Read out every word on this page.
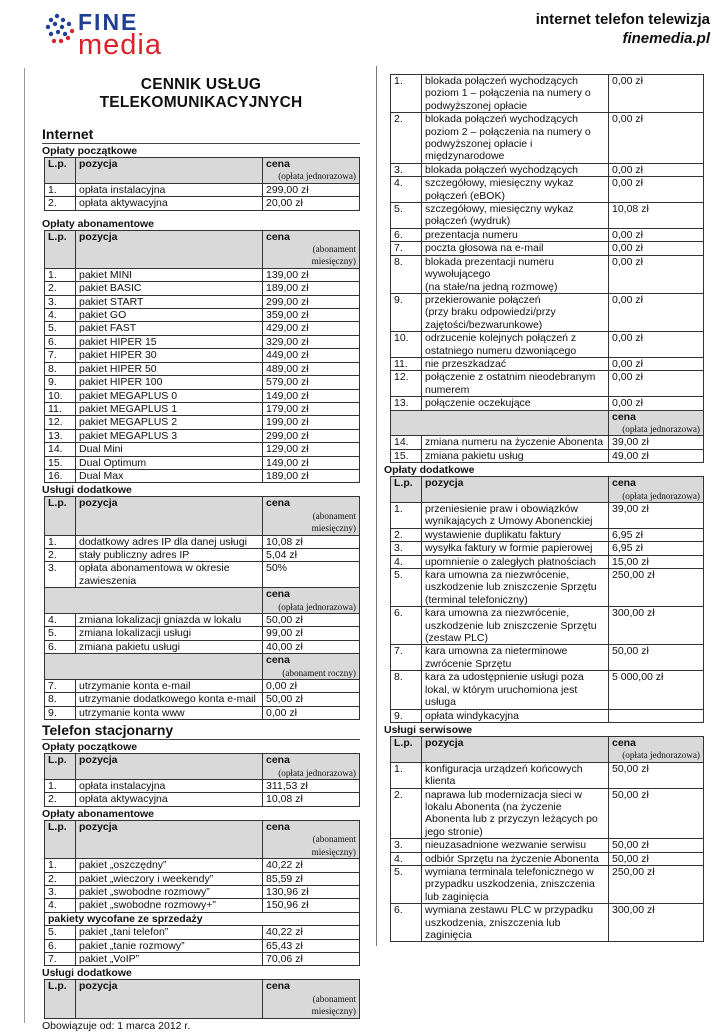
FINE
media
internet telefon telewizja
finemedia.pl
CENNIK USŁUG TELEKOMUNIKACYJNYCH
Internet
Opłaty początkowe
L.p.	pozycja	cena
(opłata jednorazowa)

1.	opłata instalacyjna	299,00 zł
2.	opłata aktywacyjna	20,00 zł
Opłaty abonamentowe
L.p.	pozycja	cena
(abonament miesięczny)

1.	pakiet MINI	139,00 zł
2.	pakiet BASIC	189,00 zł
3.	pakiet START	299,00 zł
4.	pakiet GO	359,00 zł
5.	pakiet FAST	429,00 zł
6.	pakiet HIPER 15	329,00 zł
7.	pakiet HIPER 30	449,00 zł
8.	pakiet HIPER 50	489,00 zł
9.	pakiet HIPER 100	579,00 zł
10.	pakiet MEGAPLUS 0	149,00 zł
11.	pakiet MEGAPLUS 1	179,00 zł
12.	pakiet MEGAPLUS 2	199,00 zł
13.	pakiet MEGAPLUS 3	299,00 zł
14.	Dual Mini	129,00 zł
15.	Dual Optimum	149,00 zł
16.	Dual Max	189,00 zł
Usługi dodatkowe
L.p.	pozycja	cena
(abonament miesięczny)

1.	dodatkowy adres IP dla danej usługi	10,08 zł
2.	stały publiczny adres IP	5,04 zł
3.	opłata abonamentowa w okresie zawieszenia	50%

		cena
(opłata jednorazowa)

4.	zmiana lokalizacji gniazda w lokalu	50,00 zł
5.	zmiana lokalizacji usługi	99,00 zł
6.	zmiana pakietu usługi	40,00 zł

		cena
(abonament roczny)

7.	utrzymanie konta e-mail	0,00 zł
8.	utrzymanie dodatkowego konta e-mail	50,00 zł
9.	utrzymanie konta www	0,00 zł
Telefon stacjonarny
Opłaty początkowe
L.p.	pozycja	cena
(opłata jednorazowa)

1.	opłata instalacyjna	311,53 zł
2.	opłata aktywacyjna	10,08 zł
Opłaty abonamentowe
L.p.	pozycja	cena
(abonament miesięczny)

1.	pakiet „oszczędny”	40,22 zł
2.	pakiet „wieczory i weekendy”	85,59 zł
3.	pakiet „swobodne rozmowy”	130,96 zł
4.	pakiet „swobodne rozmowy+”	150,96 zł
pakiety wycofane ze sprzedaży		
5.	pakiet „tani telefon”	40,22 zł
6.	pakiet „tanie rozmowy”	65,43 zł
7.	pakiet „VoIP”	70,06 zł
Usługi dodatkowe
L.p.	pozycja	cena
(abonament miesięczny)
Obowiązuje od: 1 marca 2012 r.
1.	blokada połączeń wychodzących poziom 1 – połączenia na numery o podwyższonej opłacie	0,00 zł
2.	blokada połączeń wychodzących poziom 2 – połączenia na numery o podwyższonej opłacie i międzynarodowe	0,00 zł
3.	blokada połączeń wychodzących	0,00 zł
4.	szczegółowy, miesięczny wykaz połączeń (eBOK)	0,00 zł
5.	szczegółowy, miesięczny wykaz połączeń (wydruk)	10,08 zł
6.	prezentacja numeru	0,00 zł
7.	poczta głosowa na e-mail	0,00 zł
8.	blokada prezentacji numeru wywołującego
(na stałe/na jedną rozmowę)	0,00 zł
9.	przekierowanie połączeń
(przy braku odpowiedzi/przy zajętości/bezwarunkowe)	0,00 zł
10.	odrzucenie kolejnych połączeń z ostatniego numeru dzwoniącego	0,00 zł
11.	nie przeszkadzać	0,00 zł
12.	połączenie z ostatnim nieodebranym numerem	0,00 zł
13.	połączenie oczekujące	0,00 zł

		cena
(opłata jednorazowa)

14.	zmiana numeru na życzenie Abonenta	39,00 zł
15.	zmiana pakietu usług	49,00 zł
Opłaty dodatkowe
L.p.	pozycja	cena
(opłata jednorazowa)

1.	przeniesienie praw i obowiązków wynikających z Umowy Abonenckiej	39,00 zł
2.	wystawienie duplikatu faktury	6,95 zł
3.	wysyłka faktury w formie papierowej	6,95 zł
4.	upomnienie o zaległych płatnościach	15,00 zł
5.	kara umowna za niezwrócenie, uszkodzenie lub zniszczenie Sprzętu (terminal telefoniczny)	250,00 zł
6.	kara umowna za niezwrócenie, uszkodzenie lub zniszczenie Sprzętu (zestaw PLC)	300,00 zł
7.	kara umowna za nieterminowe zwrócenie Sprzętu	50,00 zł
8.	kara za udostępnienie usługi poza lokal, w którym uruchomiona jest usługa	5 000,00 zł
9.	opłata windykacyjna	
Usługi serwisowe
L.p.	pozycja	cena
(opłata jednorazowa)

1.	konfiguracja urządzeń końcowych klienta	50,00 zł
2.	naprawa lub modernizacja sieci w lokalu Abonenta (na życzenie Abonenta lub z przyczyn leżących po jego stronie)	50,00 zł
3.	nieuzasadnione wezwanie serwisu	50,00 zł
4.	odbiór Sprzętu na życzenie Abonenta	50,00 zł
5.	wymiana terminala telefonicznego w przypadku uszkodzenia, zniszczenia lub zaginięcia	250,00 zł
6.	wymiana zestawu PLC w przypadku uszkodzenia, zniszczenia lub zaginięcia	300,00 zł
